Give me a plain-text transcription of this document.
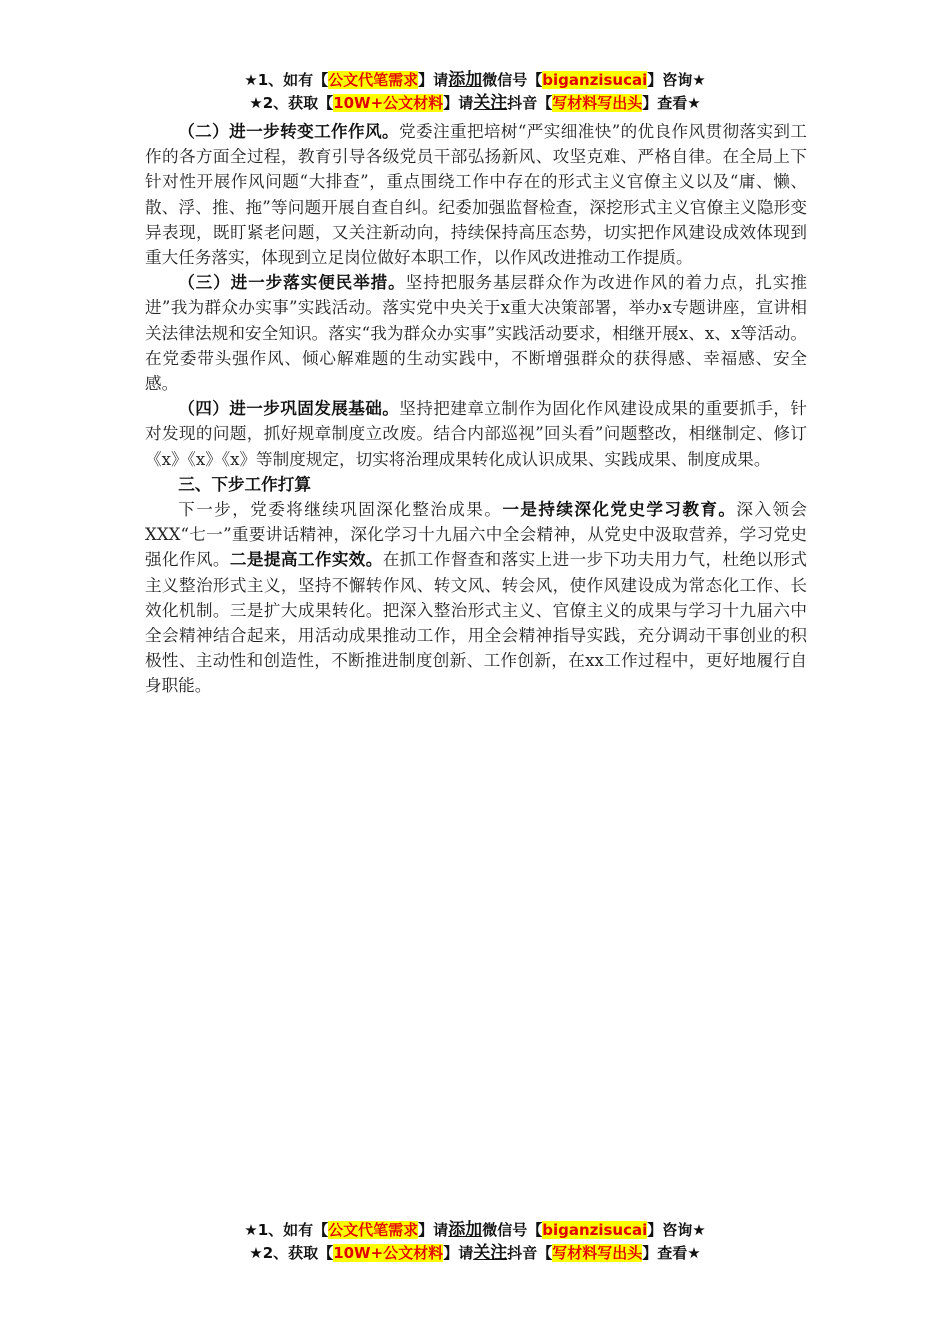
★1、如有【公文代笔需求】请添加微信号【biganzisucai】咨询★
★2、获取【10W+公文材料】请关注抖音【写材料写出头】查看★

（二）进一步转变工作作风。党委注重把培树“严实细准快”的优良作风贯彻落实到工作的各方面全过程，教育引导各级党员干部弘扬新风、攻坚克难、严格自律。在全局上下针对性开展作风问题“大排查”，重点围绕工作中存在的形式主义官僚主义以及“庸、懒、散、浮、推、拖”等问题开展自查自纠。纪委加强监督检查，深挖形式主义官僚主义隐形变异表现，既盯紧老问题，又关注新动向，持续保持高压态势，切实把作风建设成效体现到重大任务落实，体现到立足岗位做好本职工作，以作风改进推动工作提质。

（三）进一步落实便民举措。坚持把服务基层群众作为改进作风的着力点，扎实推进”我为群众办实事”实践活动。落实党中央关于x重大决策部署，举办x专题讲座，宣讲相关法律法规和安全知识。落实“我为群众办实事”实践活动要求，相继开展x、x、x等活动。在党委带头强作风、倾心解难题的生动实践中，不断增强群众的获得感、幸福感、安全感。

（四）进一步巩固发展基础。坚持把建章立制作为固化作风建设成果的重要抓手，针对发现的问题，抓好规章制度立改废。结合内部巡视”回头看”问题整改，相继制定、修订《x》《x》《x》等制度规定，切实将治理成果转化成认识成果、实践成果、制度成果。

三、下步工作打算

下一步，党委将继续巩固深化整治成果。一是持续深化党史学习教育。深入领会XXX“七一”重要讲话精神，深化学习十九届六中全会精神，从党史中汲取营养，学习党史强化作风。二是提高工作实效。在抓工作督查和落实上进一步下功夫用力气，杜绝以形式主义整治形式主义，坚持不懈转作风、转文风、转会风，使作风建设成为常态化工作、长效化机制。三是扩大成果转化。把深入整治形式主义、官僚主义的成果与学习十九届六中全会精神结合起来，用活动成果推动工作，用全会精神指导实践，充分调动干事创业的积极性、主动性和创造性，不断推进制度创新、工作创新，在xx工作过程中，更好地履行自身职能。

★1、如有【公文代笔需求】请添加微信号【biganzisucai】咨询★
★2、获取【10W+公文材料】请关注抖音【写材料写出头】查看★
